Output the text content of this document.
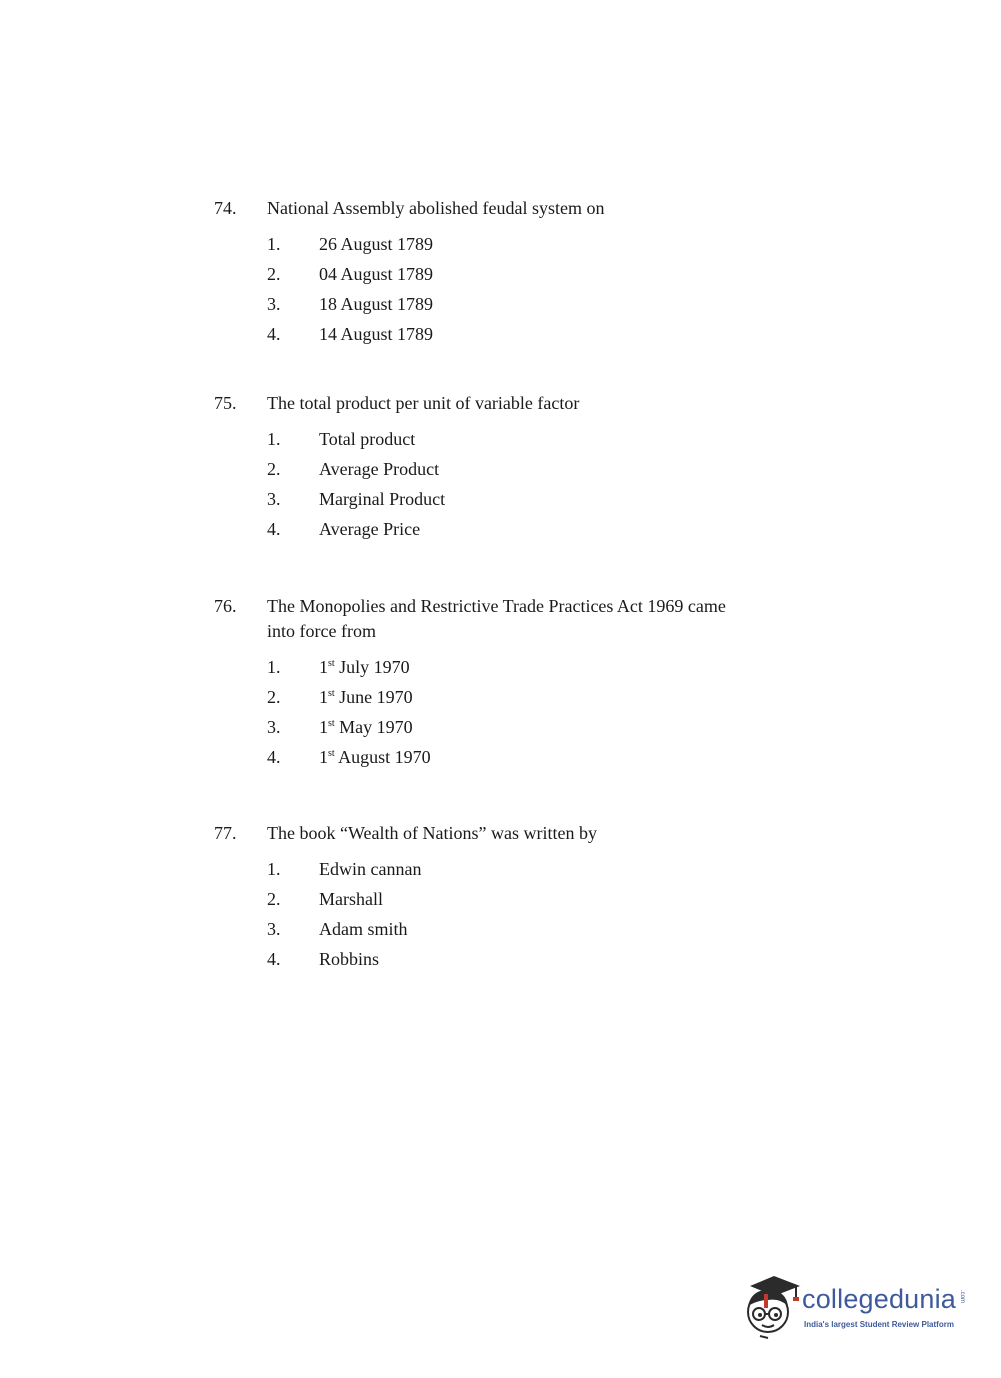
74.	National Assembly abolished feudal system on
1.	26 August 1789
2.	04 August 1789
3.	18 August 1789
4.	14 August 1789
75.	The total product per unit of variable factor
1.	Total product
2.	Average Product
3.	Marginal Product
4.	Average Price
76.	The Monopolies and Restrictive Trade Practices Act 1969 came into force from
1.	1st July 1970
2.	1st June 1970
3.	1st May 1970
4.	1st August 1970
77.	The book “Wealth of Nations” was written by
1.	Edwin cannan
2.	Marshall
3.	Adam smith
4.	Robbins
collegedunia .com
India's largest Student Review Platform
